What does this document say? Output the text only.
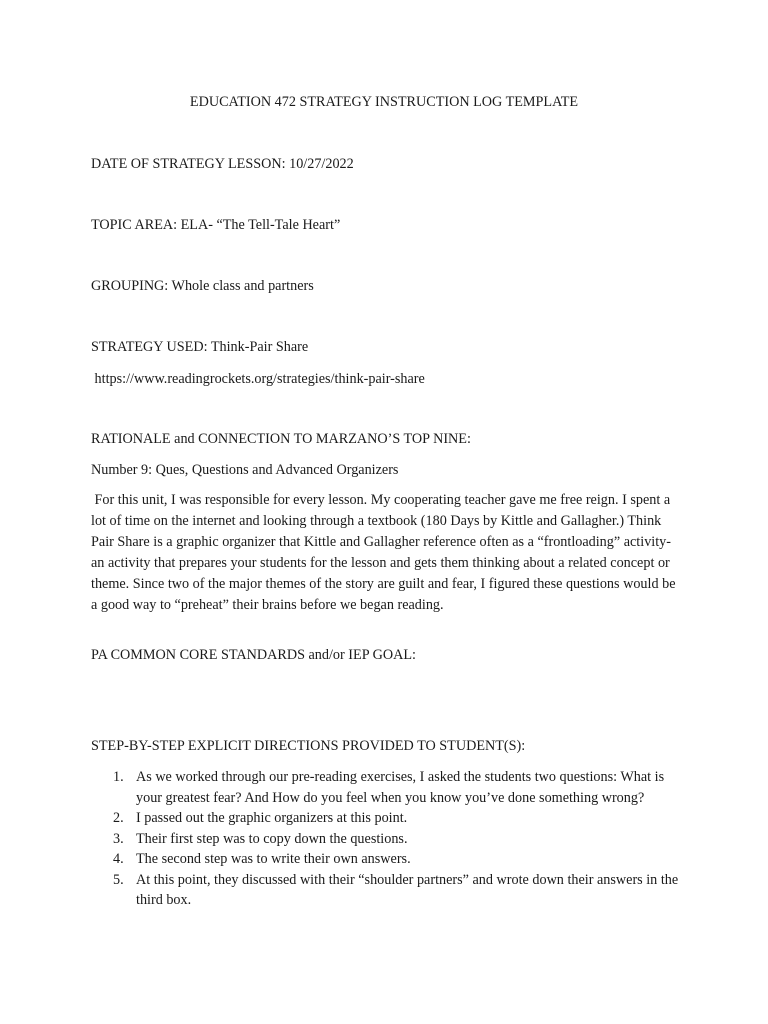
EDUCATION 472 STRATEGY INSTRUCTION LOG TEMPLATE
DATE OF STRATEGY LESSON: 10/27/2022
TOPIC AREA: ELA- “The Tell-Tale Heart”
GROUPING: Whole class and partners
STRATEGY USED: Think-Pair Share
https://www.readingrockets.org/strategies/think-pair-share
RATIONALE and CONNECTION TO MARZANO’S TOP NINE:
Number 9: Ques, Questions and Advanced Organizers
For this unit, I was responsible for every lesson. My cooperating teacher gave me free reign. I spent a lot of time on the internet and looking through a textbook (180 Days by Kittle and Gallagher.) Think Pair Share is a graphic organizer that Kittle and Gallagher reference often as a “frontloading” activity- an activity that prepares your students for the lesson and gets them thinking about a related concept or theme. Since two of the major themes of the story are guilt and fear, I figured these questions would be a good way to “preheat” their brains before we began reading.
PA COMMON CORE STANDARDS and/or IEP GOAL:
STEP-BY-STEP EXPLICIT DIRECTIONS PROVIDED TO STUDENT(S):
1. As we worked through our pre-reading exercises, I asked the students two questions: What is your greatest fear? And How do you feel when you know you’ve done something wrong?
2. I passed out the graphic organizers at this point.
3. Their first step was to copy down the questions.
4. The second step was to write their own answers.
5. At this point, they discussed with their “shoulder partners” and wrote down their answers in the third box.
